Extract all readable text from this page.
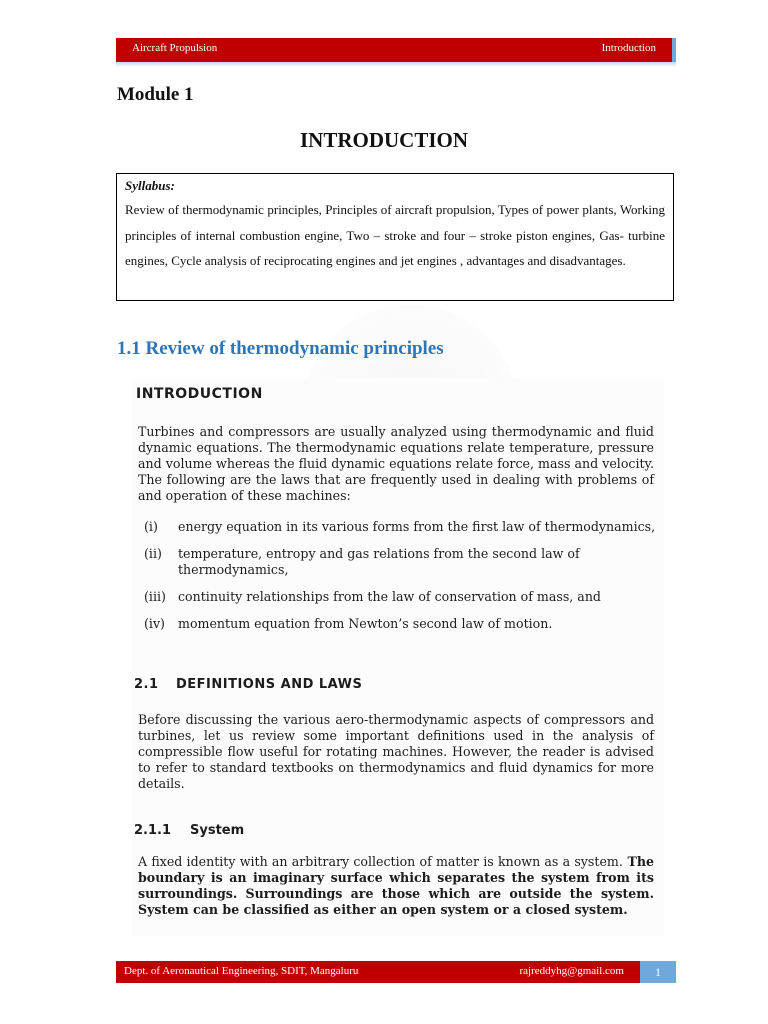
Aircraft Propulsion	Introduction
Module 1
INTRODUCTION
Syllabus:
Review of thermodynamic principles, Principles of aircraft propulsion, Types of power plants, Working principles of internal combustion engine, Two – stroke and four – stroke piston engines, Gas- turbine engines, Cycle analysis of reciprocating engines and jet engines , advantages and disadvantages.
1.1 Review of thermodynamic principles
INTRODUCTION

Turbines and compressors are usually analyzed using thermodynamic and fluid dynamic equations. The thermodynamic equations relate temperature, pressure and volume whereas the fluid dynamic equations relate force, mass and velocity. The following are the laws that are frequently used in dealing with problems of and operation of these machines:

(i) energy equation in its various forms from the first law of thermodynamics,
(ii) temperature, entropy and gas relations from the second law of thermodynamics,
(iii) continuity relationships from the law of conservation of mass, and
(iv) momentum equation from Newton’s second law of motion.
2.1 DEFINITIONS AND LAWS

Before discussing the various aero-thermodynamic aspects of compressors and turbines, let us review some important definitions used in the analysis of compressible flow useful for rotating machines. However, the reader is advised to refer to standard textbooks on thermodynamics and fluid dynamics for more details.

2.1.1 System

A fixed identity with an arbitrary collection of matter is known as a system. The boundary is an imaginary surface which separates the system from its surroundings. Surroundings are those which are outside the system. System can be classified as either an open system or a closed system.

Dept. of Aeronautical Engineering, SDIT, Mangaluru	rajreddyhg@gmail.com	1
